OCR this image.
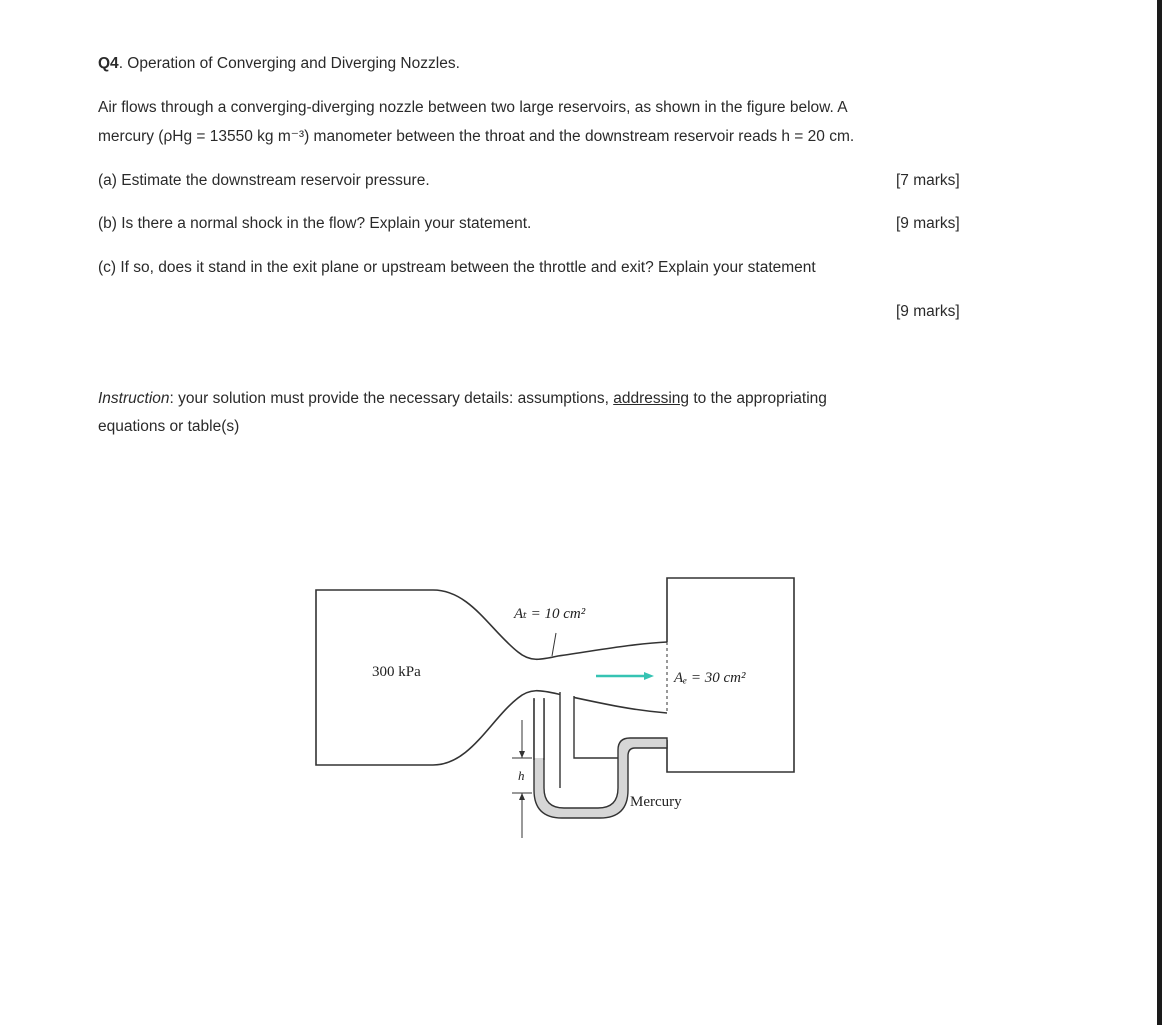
Q4. Operation of Converging and Diverging Nozzles.
Air flows through a converging-diverging nozzle between two large reservoirs, as shown in the figure below. A
mercury (ρHg = 13550 kg m⁻³) manometer between the throat and the downstream reservoir reads h = 20 cm.
(a) Estimate the downstream reservoir pressure.	[7 marks]
(b) Is there a normal shock in the flow? Explain your statement.	[9 marks]
(c) If so, does it stand in the exit plane or upstream between the throttle and exit? Explain your statement
[9 marks]
Instruction: your solution must provide the necessary details: assumptions, addressing to the appropriating
equations or table(s)
h
Aₜ = 10 cm²
Aₑ = 30 cm²
300 kPa
Mercury
